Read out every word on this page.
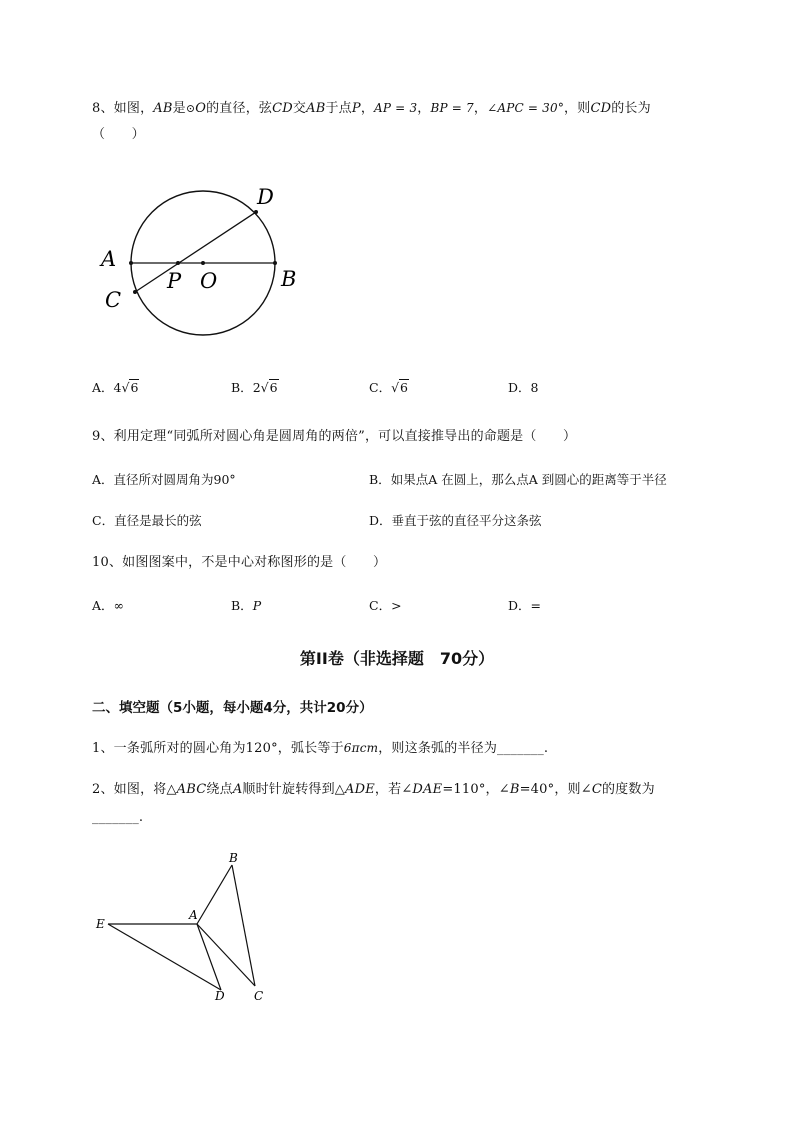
8、如图，AB是⊙O的直径，弦CD交AB于点P，AP = 3，BP = 7，∠APC = 30°，则CD的长为
（　　）
A
B
C
D
P O
A．4√6	B．2√6	C．√6	D．8
9、利用定理“同弧所对圆心角是圆周角的两倍”，可以直接推导出的命题是（　　）
A．直径所对圆周角为90°	B．如果点A 在圆上，那么点A 到圆心的距离等于半径
C．直径是最长的弦	D．垂直于弦的直径平分这条弦
10、如图图案中，不是中心对称图形的是（　　）
A．∞	B．P	C．>	D．=
第II卷（非选择题　70分）
二、填空题（5小题，每小题4分，共计20分）
1、一条弧所对的圆心角为120°，弧长等于6πcm，则这条弧的半径为_______.
2、如图，将△ABC绕点A顺时针旋转得到△ADE，若∠DAE=110°，∠B=40°，则∠C的度数为
_______.
E
A
B
D C
